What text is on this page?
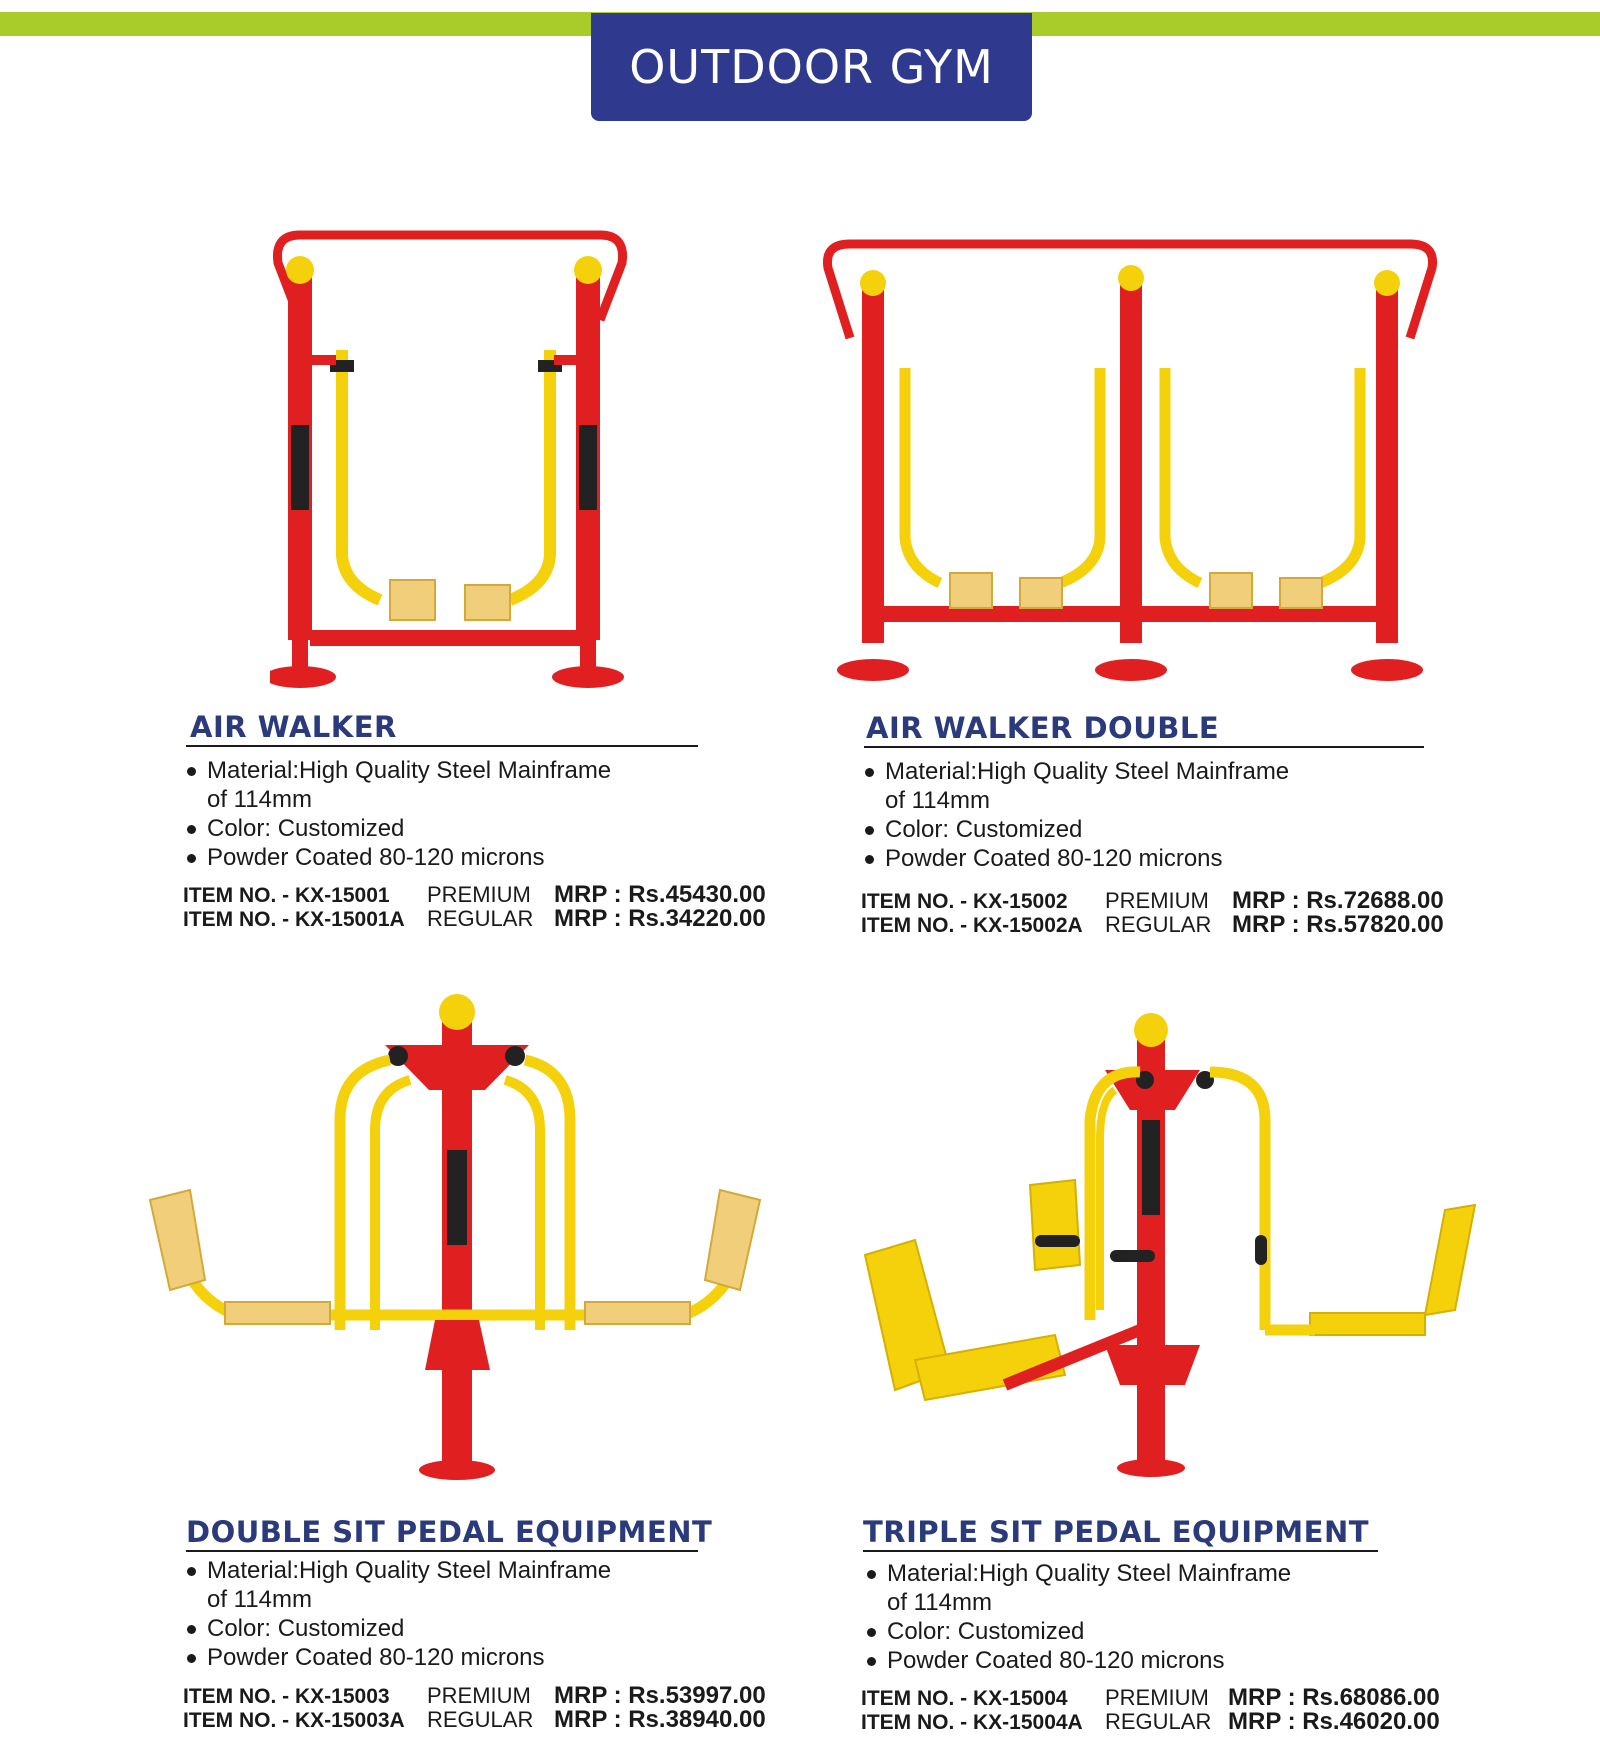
OUTDOOR GYM
AIR WALKER
Material:High Quality Steel Mainframe
of 114mm
Color: Customized
Powder Coated 80-120 microns
ITEM NO. - KX-15001	PREMIUM MRP : Rs.45430.00
ITEM NO. - KX-15001A	REGULAR MRP : Rs.34220.00
AIR WALKER DOUBLE
Material:High Quality Steel Mainframe
of 114mm
Color: Customized
Powder Coated 80-120 microns
ITEM NO. - KX-15002	PREMIUM MRP : Rs.72688.00
ITEM NO. - KX-15002A	REGULAR MRP : Rs.57820.00
DOUBLE SIT PEDAL EQUIPMENT
Material:High Quality Steel Mainframe
of 114mm
Color: Customized
Powder Coated 80-120 microns
ITEM NO. - KX-15003	PREMIUM MRP : Rs.53997.00
ITEM NO. - KX-15003A	REGULAR MRP : Rs.38940.00
TRIPLE SIT PEDAL EQUIPMENT
Material:High Quality Steel Mainframe
of 114mm
Color: Customized
Powder Coated 80-120 microns
ITEM NO. - KX-15004	PREMIUM MRP : Rs.68086.00
ITEM NO. - KX-15004A	REGULAR MRP : Rs.46020.00
